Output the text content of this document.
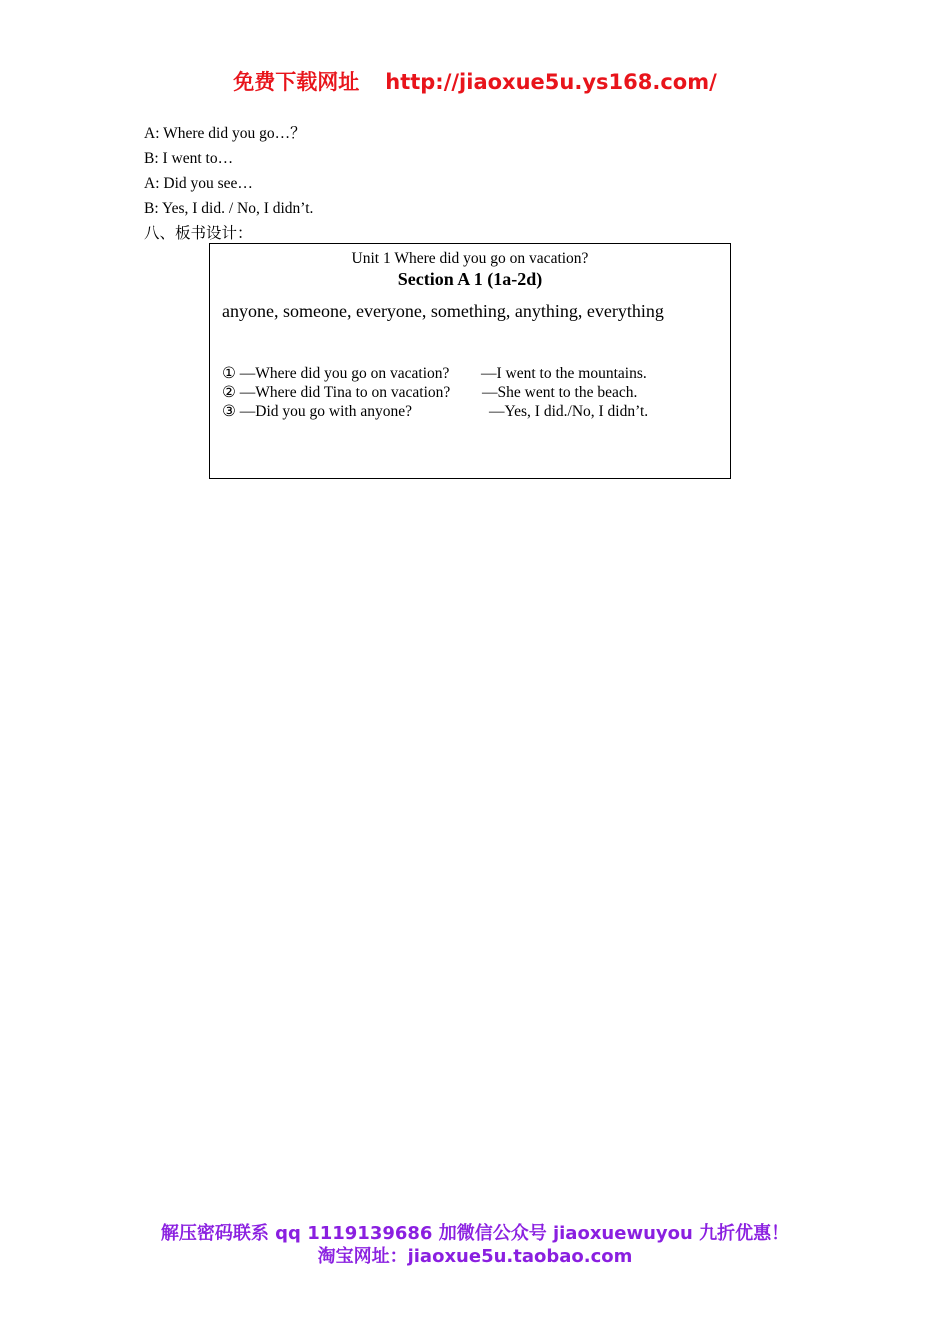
免费下载网址 http://jiaoxue5u.ys168.com/
A: Where did you go…？
B: I went to…
A: Did you see…
B: Yes, I did. / No, I didn’t.
八、板书设计：
Unit 1 Where did you go on vacation?
Section A 1 (1a-2d)
anyone, someone, everyone, something, anything, everything
① —Where did you go on vacation? —I went to the mountains.
② —Where did Tina to on vacation? —She went to the beach.
③ —Did you go with anyone?	—Yes, I did./No, I didn’t.
解压密码联系 qq 1119139686 加微信公众号 jiaoxuewuyou 九折优惠！
淘宝网址：jiaoxue5u.taobao.com
